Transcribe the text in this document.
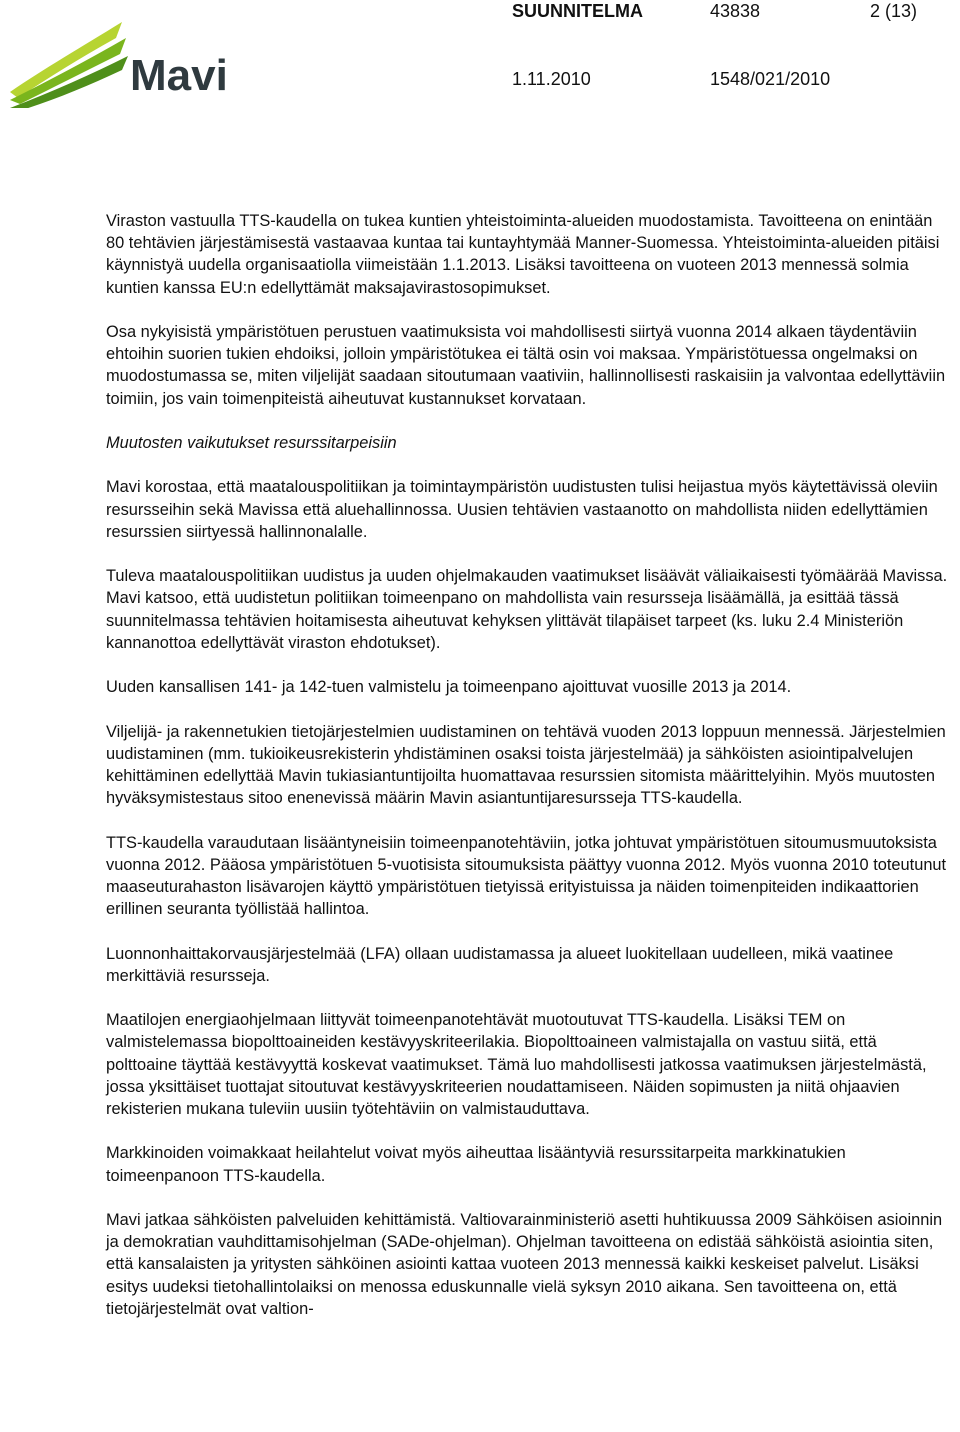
Mavi
SUUNNITELMA	43838	2 (13)
1.11.2010	1548/021/2010

Viraston vastuulla TTS-kaudella on tukea kuntien yhteistoiminta-alueiden muodostamista. Tavoitteena on enintään 80 tehtävien järjestämisestä vastaavaa kuntaa tai kuntayhtymää Manner-Suomessa. Yhteistoiminta-alueiden pitäisi käynnistyä uudella organisaatiolla viimeistään 1.1.2013. Lisäksi tavoitteena on vuoteen 2013 mennessä solmia kuntien kanssa EU:n edellyttämät maksajavirastosopimukset.

Osa nykyisistä ympäristötuen perustuen vaatimuksista voi mahdollisesti siirtyä vuonna 2014 alkaen täydentäviin ehtoihin suorien tukien ehdoiksi, jolloin ympäristötukea ei tältä osin voi maksaa. Ympäristötuessa ongelmaksi on muodostumassa se, miten viljelijät saadaan sitoutumaan vaativiin, hallinnollisesti raskaisiin ja valvontaa edellyttäviin toimiin, jos vain toimenpiteistä aiheutuvat kustannukset korvataan.

Muutosten vaikutukset resurssitarpeisiin

Mavi korostaa, että maatalouspolitiikan ja toimintaympäristön uudistusten tulisi heijastua myös käytettävissä oleviin resursseihin sekä Mavissa että aluehallinnossa. Uusien tehtävien vastaanotto on mahdollista niiden edellyttämien resurssien siirtyessä hallinnonalalle.

Tuleva maatalouspolitiikan uudistus ja uuden ohjelmakauden vaatimukset lisäävät väliaikaisesti työmäärää Mavissa. Mavi katsoo, että uudistetun politiikan toimeenpano on mahdollista vain resursseja lisäämällä, ja esittää tässä suunnitelmassa tehtävien hoitamisesta aiheutuvat kehyksen ylittävät tilapäiset tarpeet (ks. luku 2.4 Ministeriön kannanottoa edellyttävät viraston ehdotukset).

Uuden kansallisen 141- ja 142-tuen valmistelu ja toimeenpano ajoittuvat vuosille 2013 ja 2014.

Viljelijä- ja rakennetukien tietojärjestelmien uudistaminen on tehtävä vuoden 2013 loppuun mennessä. Järjestelmien uudistaminen (mm. tukioikeusrekisterin yhdistäminen osaksi toista järjestelmää) ja sähköisten asiointipalvelujen kehittäminen edellyttää Mavin tukiasiantuntijoilta huomattavaa resurssien sitomista määrittelyihin. Myös muutosten hyväksymistestaus sitoo enenevissä määrin Mavin asiantuntijaresursseja TTS-kaudella.

TTS-kaudella varaudutaan lisääntyneisiin toimeenpanotehtäviin, jotka johtuvat ympäristötuen sitoumusmuutoksista vuonna 2012. Pääosa ympäristötuen 5-vuotisista sitoumuksista päättyy vuonna 2012. Myös vuonna 2010 toteutunut maaseuturahaston lisävarojen käyttö ympäristötuen tietyissä erityistuissa ja näiden toimenpiteiden indikaattorien erillinen seuranta työllistää hallintoa.

Luonnonhaittakorvausjärjestelmää (LFA) ollaan uudistamassa ja alueet luokitellaan uudelleen, mikä vaatinee merkittäviä resursseja.

Maatilojen energiaohjelmaan liittyvät toimeenpanotehtävät muotoutuvat TTS-kaudella. Lisäksi TEM on valmistelemassa biopolttoaineiden kestävyyskriteerilakia. Biopolttoaineen valmistajalla on vastuu siitä, että polttoaine täyttää kestävyyttä koskevat vaatimukset. Tämä luo mahdollisesti jatkossa vaatimuksen järjestelmästä, jossa yksittäiset tuottajat sitoutuvat kestävyyskriteerien noudattamiseen. Näiden sopimusten ja niitä ohjaavien rekisterien mukana tuleviin uusiin työtehtäviin on valmistauduttava.

Markkinoiden voimakkaat heilahtelut voivat myös aiheuttaa lisääntyviä resurssitarpeita markkinatukien toimeenpanoon TTS-kaudella.

Mavi jatkaa sähköisten palveluiden kehittämistä. Valtiovarainministeriö asetti huhtikuussa 2009 Sähköisen asioinnin ja demokratian vauhdittamisohjelman (SADe-ohjelman). Ohjelman tavoitteena on edistää sähköistä asiointia siten, että kansalaisten ja yritysten sähköinen asiointi kattaa vuoteen 2013 mennessä kaikki keskeiset palvelut. Lisäksi esitys uudeksi tietohallintolaiksi on menossa eduskunnalle vielä syksyn 2010 aikana. Sen tavoitteena on, että tietojärjestelmät ovat valtion-
